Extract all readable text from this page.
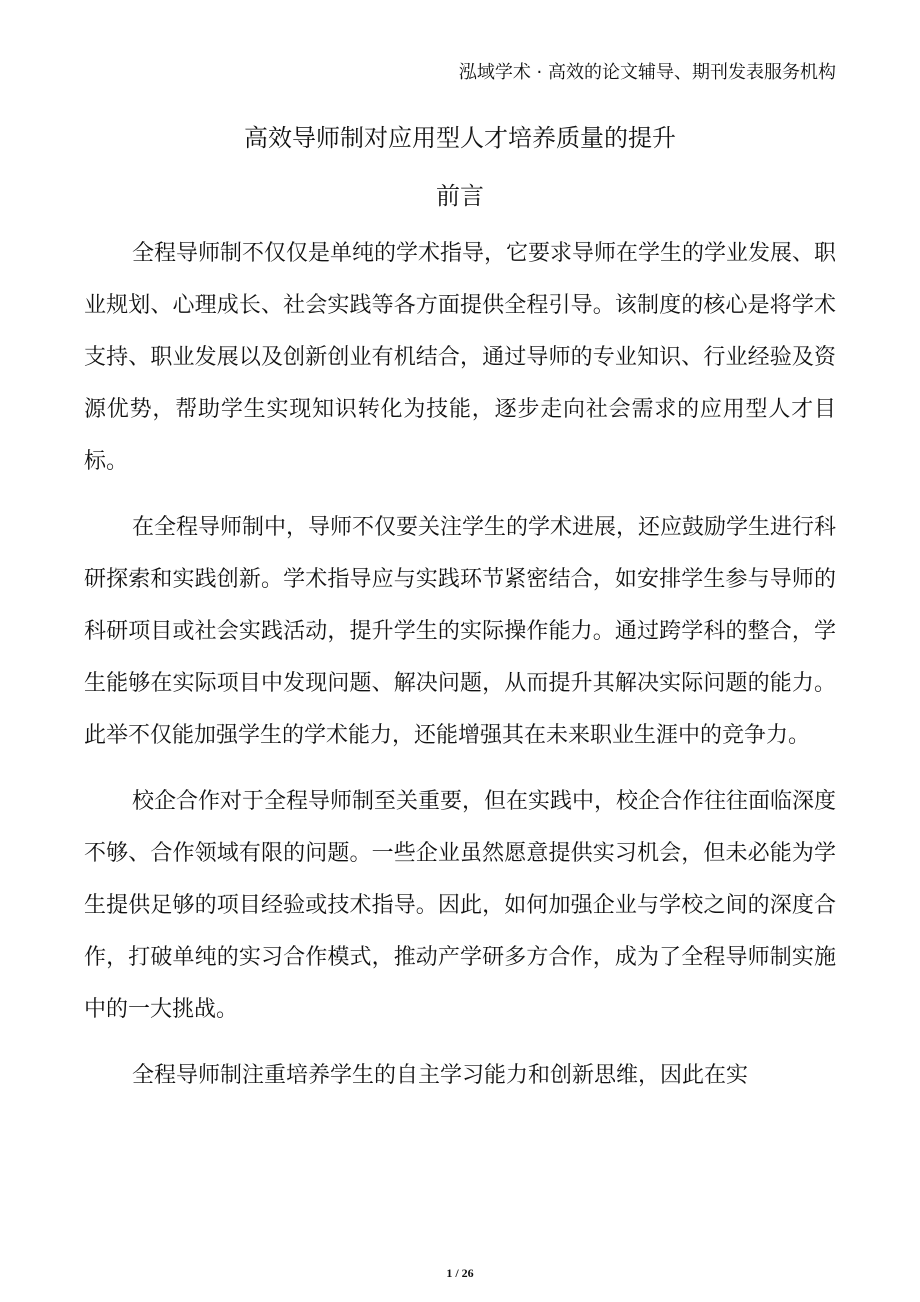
泓域学术 · 高效的论文辅导、期刊发表服务机构
高效导师制对应用型人才培养质量的提升
前言

全程导师制不仅仅是单纯的学术指导，它要求导师在学生的学业发展、职业规划、心理成长、社会实践等各方面提供全程引导。该制度的核心是将学术支持、职业发展以及创新创业有机结合，通过导师的专业知识、行业经验及资源优势，帮助学生实现知识转化为技能，逐步走向社会需求的应用型人才目标。

在全程导师制中，导师不仅要关注学生的学术进展，还应鼓励学生进行科研探索和实践创新。学术指导应与实践环节紧密结合，如安排学生参与导师的科研项目或社会实践活动，提升学生的实际操作能力。通过跨学科的整合，学生能够在实际项目中发现问题、解决问题，从而提升其解决实际问题的能力。此举不仅能加强学生的学术能力，还能增强其在未来职业生涯中的竞争力。

校企合作对于全程导师制至关重要，但在实践中，校企合作往往面临深度不够、合作领域有限的问题。一些企业虽然愿意提供实习机会，但未必能为学生提供足够的项目经验或技术指导。因此，如何加强企业与学校之间的深度合作，打破单纯的实习合作模式，推动产学研多方合作，成为了全程导师制实施中的一大挑战。

全程导师制注重培养学生的自主学习能力和创新思维，因此在实

1 / 26
